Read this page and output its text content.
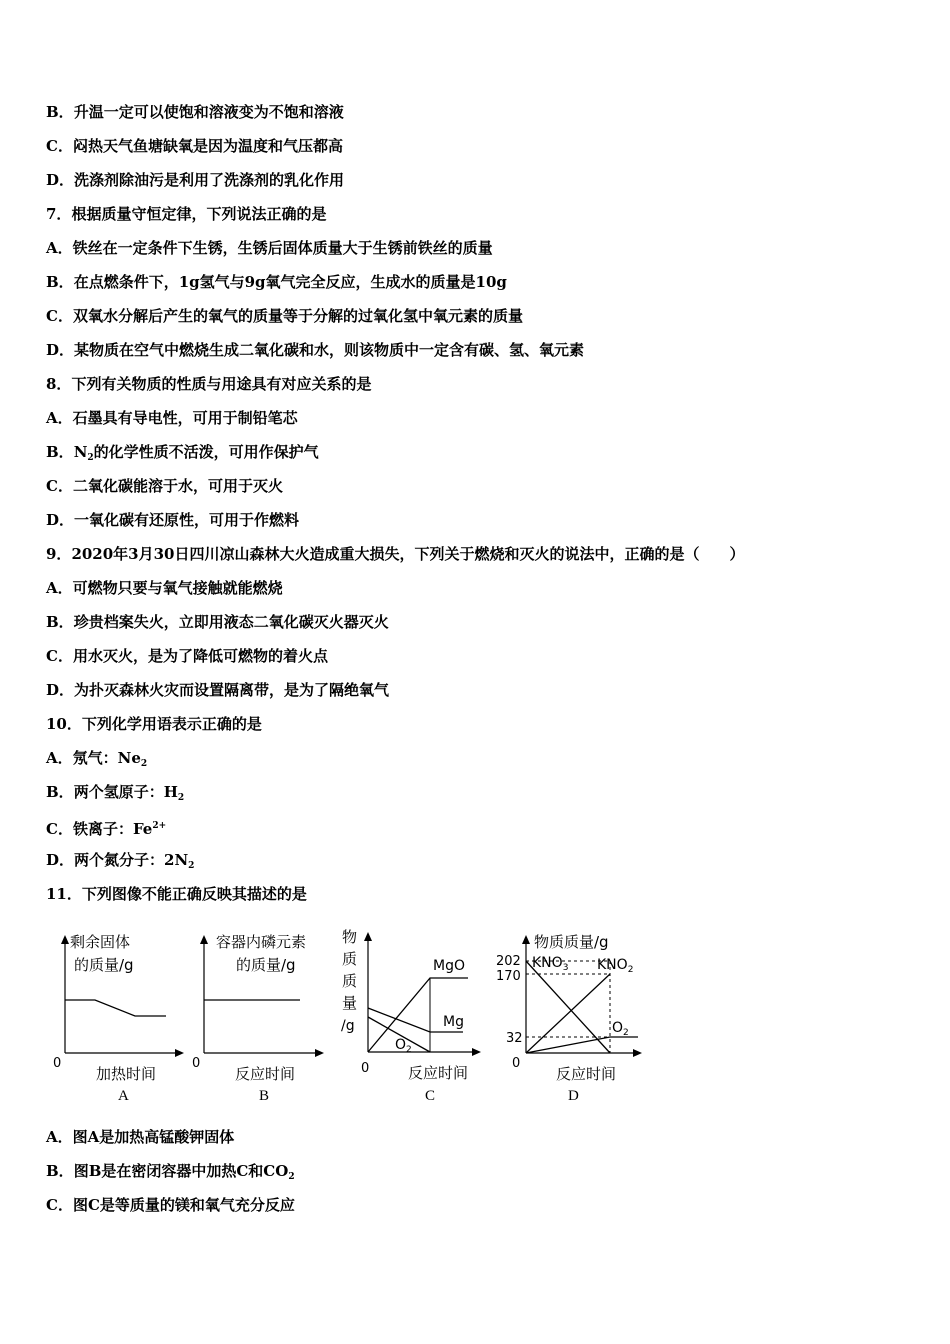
B．升温一定可以使饱和溶液变为不饱和溶液
C．闷热天气鱼塘缺氧是因为温度和气压都高
D．洗涤剂除油污是利用了洗涤剂的乳化作用
7．根据质量守恒定律，下列说法正确的是
A．铁丝在一定条件下生锈，生锈后固体质量大于生锈前铁丝的质量
B．在点燃条件下，1g氢气与9g氧气完全反应，生成水的质量是10g
C．双氧水分解后产生的氧气的质量等于分解的过氧化氢中氧元素的质量
D．某物质在空气中燃烧生成二氧化碳和水，则该物质中一定含有碳、氢、氧元素
8．下列有关物质的性质与用途具有对应关系的是
A．石墨具有导电性，可用于制铅笔芯
B．$N_2$的化学性质不活泼，可用作保护气
C．二氧化碳能溶于水，可用于灭火
D．一氧化碳有还原性，可用于作燃料
9．2020年3月30日四川凉山森林大火造成重大损失，下列关于燃烧和灭火的说法中，正确的是（　　）
A．可燃物只要与氧气接触就能燃烧
B．珍贵档案失火，立即用液态二氧化碳灭火器灭火
C．用水灭火，是为了降低可燃物的着火点
D．为扑灭森林火灾而设置隔离带，是为了隔绝氧气
10．下列化学用语表示正确的是
A．氖气：$Ne_2$
B．两个氢原子：$H_2$
C．铁离子：$Fe^{2+}$
D．两个氮分子：$2N_2$
11．下列图像不能正确反映其描述的是
剩余固体
的质量/g
0
加热时间
A
容器内磷元素
的质量/g
0
反应时间
B
物
质
质
量
/g
MgO
Mg
$O_2$
0	反应时间
C
物质质量/g
202
170
32
$KNO_3$ $KNO_2$
$O_2$
0
反应时间
D
A．图A是加热高锰酸钾固体
B．图B是在密闭容器中加热C和$CO_2$
C．图C是等质量的镁和氧气充分反应
